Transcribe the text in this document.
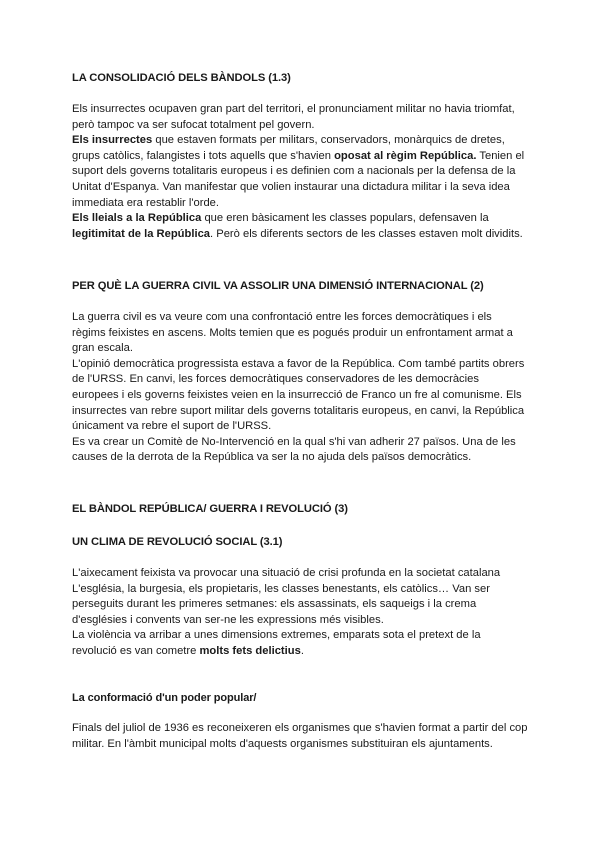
LA CONSOLIDACIÓ DELS BÀNDOLS (1.3)

Els insurrectes ocupaven gran part del territori, el pronunciament militar no havia triomfat, però tampoc va ser sufocat totalment pel govern.

Els insurrectes que estaven formats per militars, conservadors, monàrquics de dretes, grups catòlics, falangistes i tots aquells que s'havien oposat al règim República. Tenien el suport dels governs totalitaris europeus i es definien com a nacionals per la defensa de la Unitat d'Espanya. Van manifestar que volien instaurar una dictadura militar i la seva idea immediata era restablir l'orde.

Els lleials a la República que eren bàsicament les classes populars, defensaven la legitimitat de la República. Però els diferents sectors de les classes estaven molt dividits.

PER QUÈ LA GUERRA CIVIL VA ASSOLIR UNA DIMENSIÓ INTERNACIONAL (2)

La guerra civil es va veure com una confrontació entre les forces democràtiques i els règims feixistes en ascens. Molts temien que es pogués produir un enfrontament armat a gran escala.

L'opinió democràtica progressista estava a favor de la República. Com també partits obrers de l'URSS. En canvi, les forces democràtiques conservadores de les democràcies europees i els governs feixistes veien en la insurrecció de Franco un fre al comunisme. Els insurrectes van rebre suport militar dels governs totalitaris europeus, en canvi, la República únicament va rebre el suport de l'URSS.

Es va crear un Comitè de No-Intervenció en la qual s'hi van adherir 27 països. Una de les causes de la derrota de la República va ser la no ajuda dels països democràtics.

EL BÀNDOL REPÚBLICA/ GUERRA I REVOLUCIÓ (3)
UN CLIMA DE REVOLUCIÓ SOCIAL (3.1)

L'aixecament feixista va provocar una situació de crisi profunda en la societat catalana

L'església, la burgesia, els propietaris, les classes benestants, els catòlics… Van ser perseguits durant les primeres setmanes: els assassinats, els saqueigs i la crema d'esglésies i convents van ser-ne les expressions més visibles.

La violència va arribar a unes dimensions extremes, emparats sota el pretext de la revolució es van cometre molts fets delictius.

La conformació d'un poder popular/

Finals del juliol de 1936 es reconeixeren els organismes que s'havien format a partir del cop militar. En l'àmbit municipal molts d'aquests organismes substituiran els ajuntaments.
